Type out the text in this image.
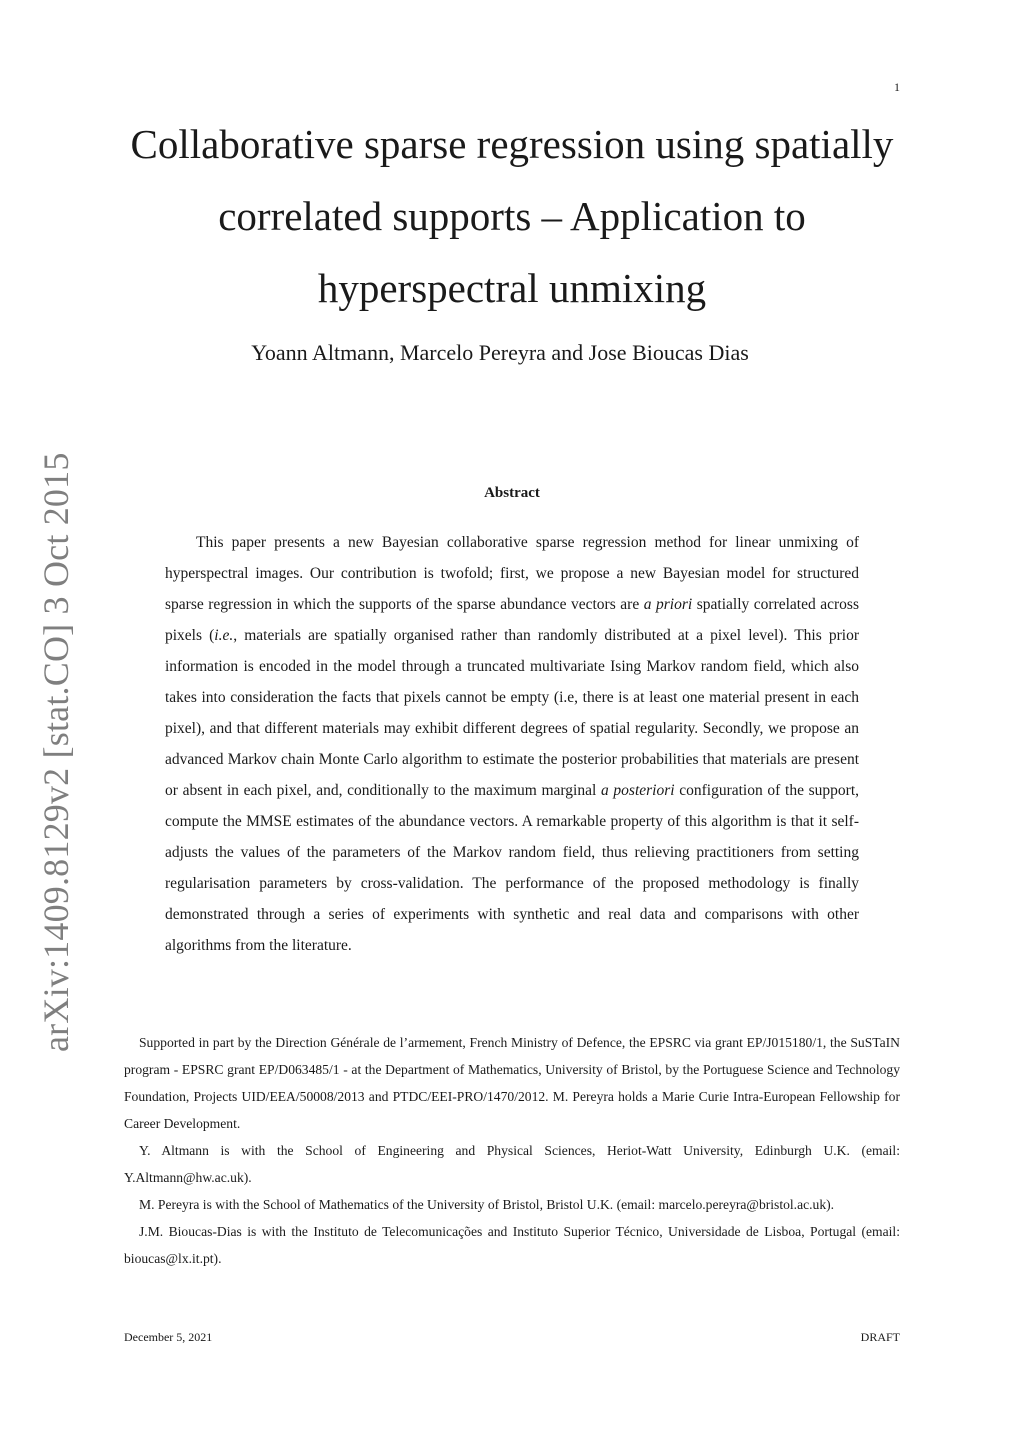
1
Collaborative sparse regression using spatially
correlated supports – Application to
hyperspectral unmixing
Yoann Altmann, Marcelo Pereyra and Jose Bioucas Dias
arXiv:1409.8129v2 [stat.CO] 3 Oct 2015	Abstract

This paper presents a new Bayesian collaborative sparse regression method for linear unmixing of hyperspectral images. Our contribution is twofold; first, we propose a new Bayesian model for structured sparse regression in which the supports of the sparse abundance vectors are a priori spatially correlated across pixels (i.e., materials are spatially organised rather than randomly distributed at a pixel level). This prior information is encoded in the model through a truncated multivariate Ising Markov random field, which also takes into consideration the facts that pixels cannot be empty (i.e, there is at least one material present in each pixel), and that different materials may exhibit different degrees of spatial regularity. Secondly, we propose an advanced Markov chain Monte Carlo algorithm to estimate the posterior probabilities that materials are present or absent in each pixel, and, conditionally to the maximum marginal a posteriori configuration of the support, compute the MMSE estimates of the abundance vectors. A remarkable property of this algorithm is that it self-adjusts the values of the parameters of the Markov random field, thus relieving practitioners from setting regularisation parameters by cross-validation. The performance of the proposed methodology is finally demonstrated through a series of experiments with synthetic and real data and comparisons with other algorithms from the literature.

Supported in part by the Direction Générale de l’armement, French Ministry of Defence, the EPSRC via grant EP/J015180/1, the SuSTaIN program - EPSRC grant EP/D063485/1 - at the Department of Mathematics, University of Bristol, by the Portuguese Science and Technology Foundation, Projects UID/EEA/50008/2013 and PTDC/EEI-PRO/1470/2012. M. Pereyra holds a Marie Curie Intra-European Fellowship for Career Development.

Y. Altmann is with the School of Engineering and Physical Sciences, Heriot-Watt University, Edinburgh U.K. (email: Y.Altmann@hw.ac.uk).

M. Pereyra is with the School of Mathematics of the University of Bristol, Bristol U.K. (email: marcelo.pereyra@bristol.ac.uk).

J.M. Bioucas-Dias is with the Instituto de Telecomunicações and Instituto Superior Técnico, Universidade de Lisboa, Portugal (email: bioucas@lx.it.pt).

December 5, 2021	DRAFT
